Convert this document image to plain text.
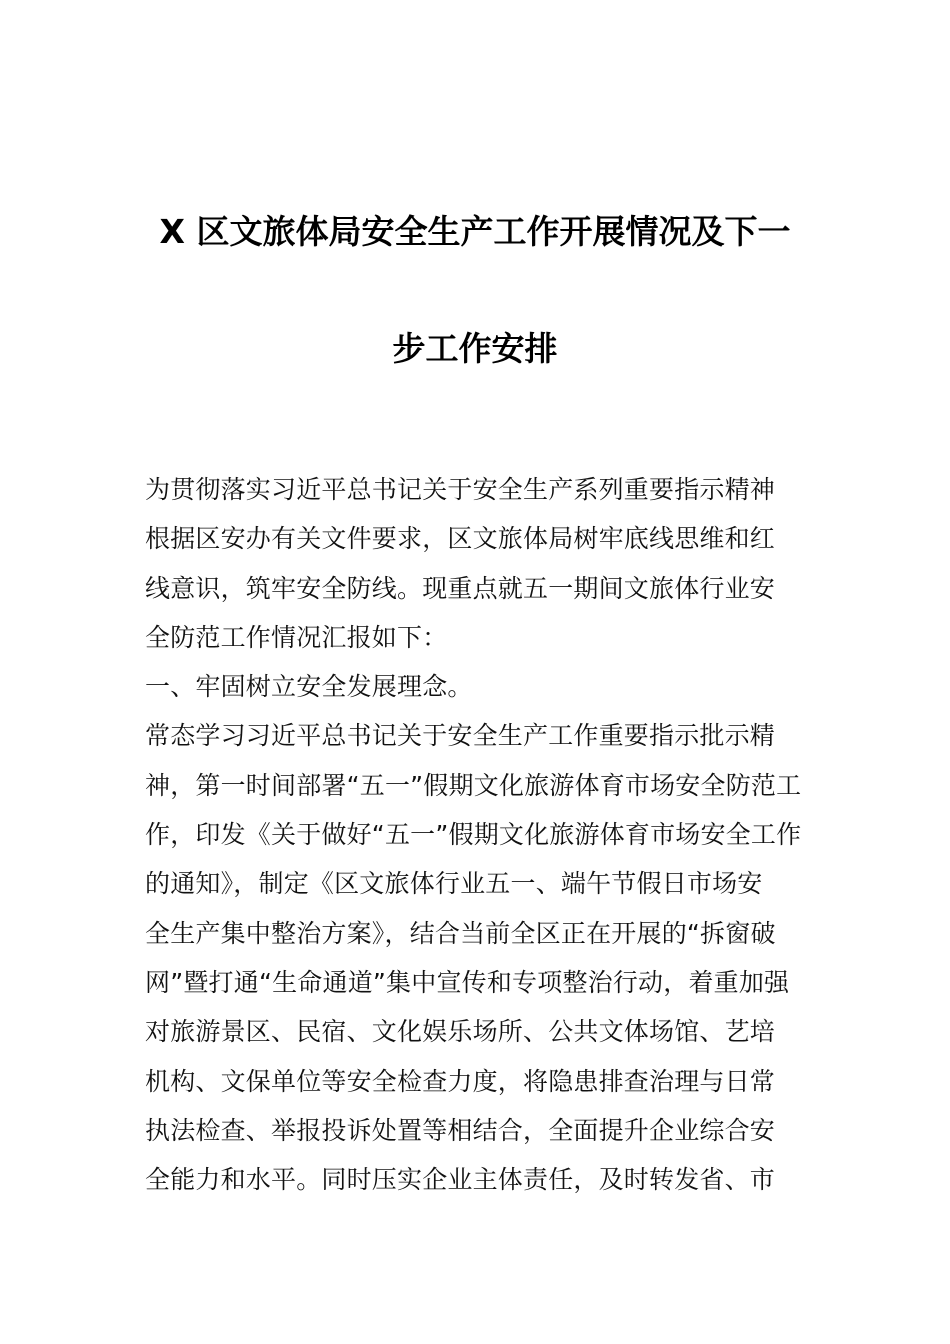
X 区文旅体局安全生产工作开展情况及下一
步工作安排
为贯彻落实习近平总书记关于安全生产系列重要指示精神
根据区安办有关文件要求，区文旅体局树牢底线思维和红
线意识，筑牢安全防线。现重点就五一期间文旅体行业安
全防范工作情况汇报如下：
一、牢固树立安全发展理念。
常态学习习近平总书记关于安全生产工作重要指示批示精
神，第一时间部署“五一”假期文化旅游体育市场安全防范工
作，印发《关于做好“五一”假期文化旅游体育市场安全工作
的通知》，制定《区文旅体行业五一、端午节假日市场安
全生产集中整治方案》，结合当前全区正在开展的“拆窗破
网”暨打通“生命通道”集中宣传和专项整治行动，着重加强
对旅游景区、民宿、文化娱乐场所、公共文体场馆、艺培
机构、文保单位等安全检查力度，将隐患排查治理与日常
执法检查、举报投诉处置等相结合，全面提升企业综合安
全能力和水平。同时压实企业主体责任，及时转发省、市
